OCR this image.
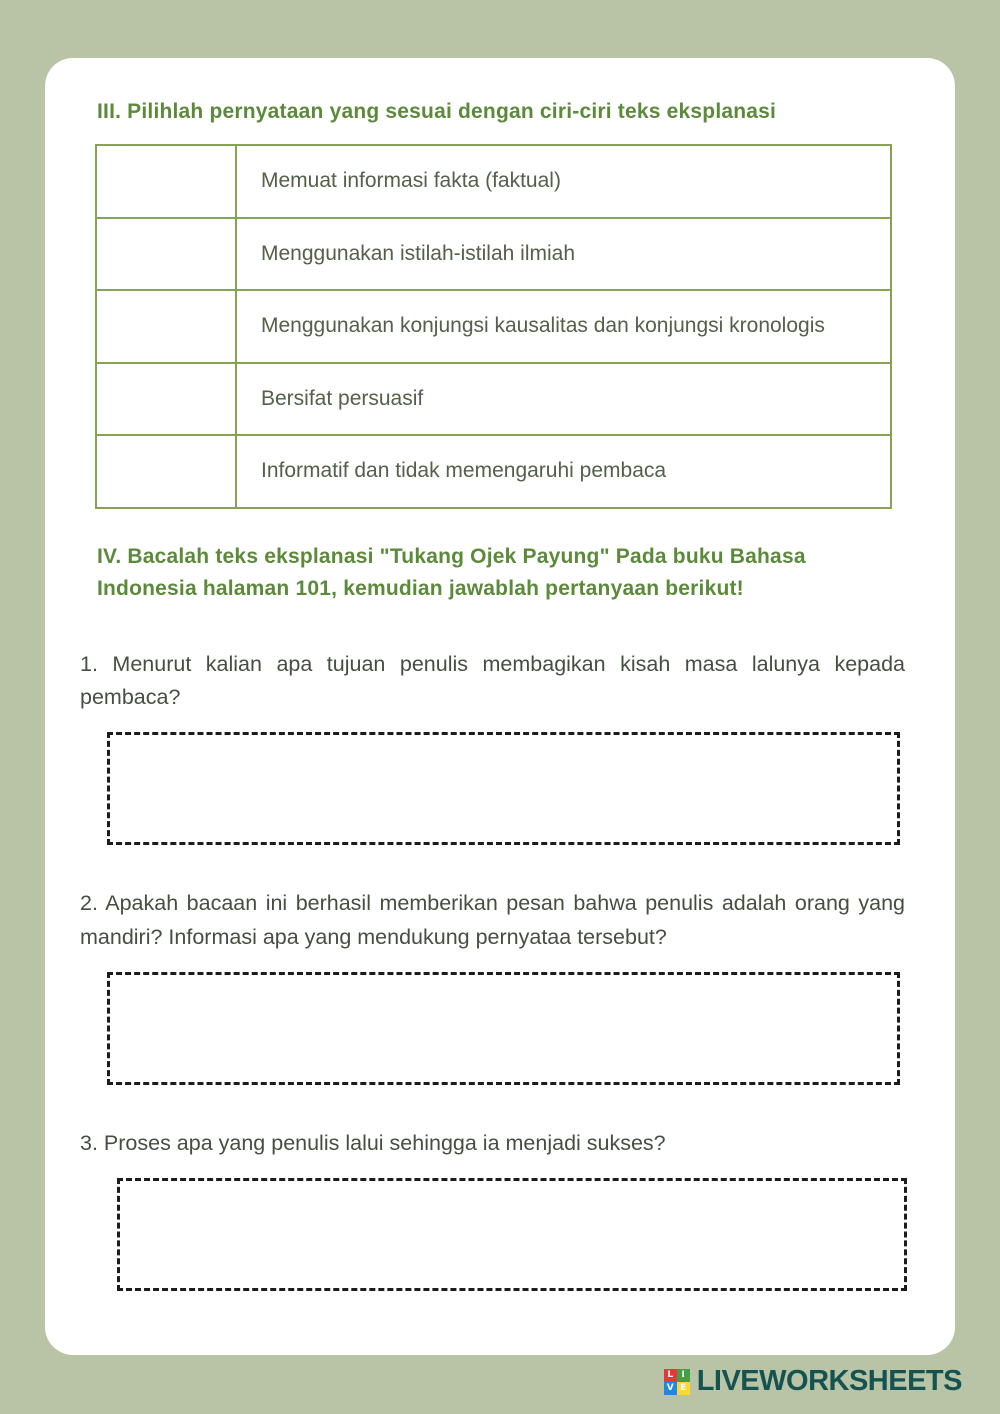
III. Pilihlah pernyataan yang sesuai dengan ciri-ciri teks eksplanasi
	Memuat informasi fakta (faktual)
	Menggunakan istilah-istilah ilmiah
	Menggunakan konjungsi kausalitas dan konjungsi kronologis
	Bersifat persuasif
	Informatif dan tidak memengaruhi pembaca
IV. Bacalah teks eksplanasi "Tukang Ojek Payung" Pada buku Bahasa Indonesia halaman 101, kemudian jawablah pertanyaan berikut!
1. Menurut kalian apa tujuan penulis membagikan kisah masa lalunya kepada pembaca?
2. Apakah bacaan ini berhasil memberikan pesan bahwa penulis adalah orang yang mandiri? Informasi apa yang mendukung pernyataa tersebut?
3. Proses apa yang penulis lalui sehingga ia menjadi sukses?
L I
V E LIVEWORKSHEETS
